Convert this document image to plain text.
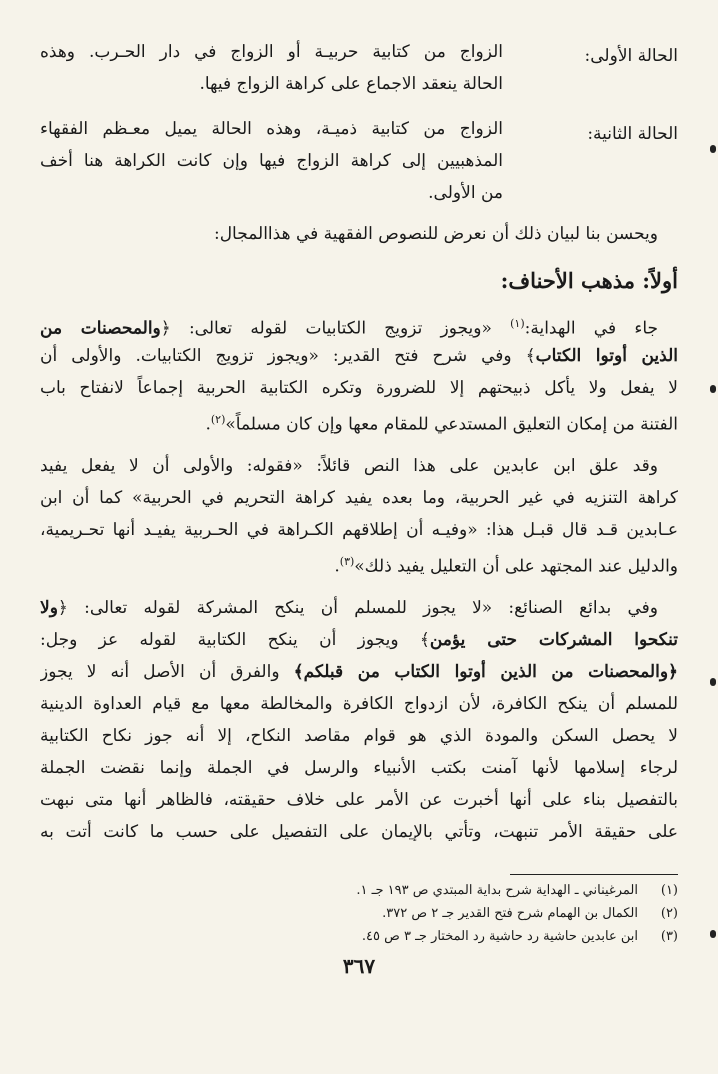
الحالة الأولى:
الزواج من كتابية حربيـة أو الزواج في دار الحـرب. وهذه
الحالة ينعقد الاجماع على كراهة الزواج فيها.
الحالة الثانية:
الزواج من كتابية ذميـة، وهذه الحالة يميل معـظم الفقهاء
المذهبيين إلى كراهة الزواج فيها وإن كانت الكراهة هنا أخف
من الأولى.
ويحسن بنا لبيان ذلك أن نعرض للنصوص الفقهية في هذاالمجال:
أولاً: مذهب الأحناف:
جاء في الهداية:$^{(١)}$ «ويجوز تزويج الكتابيات لقوله تعالى: ﴿والمحصنات من
الذين أوتوا الكتاب﴾ وفي شرح فتح القدير: «ويجوز تزويج الكتابيات. والأولى أن
لا يفعل ولا يأكل ذبيحتهم إلا للضرورة وتكره الكتابية الحربية إجماعاً لانفتاح باب
الفتنة من إمكان التعليق المستدعي للمقام معها وإن كان مسلماً»$^{(٢)}$.
وقد علق ابن عابدين على هذا النص قائلاً: «فقوله: والأولى أن لا يفعل يفيد
كراهة التنزيه في غير الحربية، وما بعده يفيد كراهة التحريم في الحربية» كما أن ابن
عـابدين قـد قال قبـل هذا: «وفيـه أن إطلاقهم الكـراهة في الحـربية يفيـد أنها تحـريمية،
والدليل عند المجتهد على أن التعليل يفيد ذلك»$^{(٣)}$.
وفي بدائع الصنائع: «لا يجوز للمسلم أن ينكح المشركة لقوله تعالى: ﴿ولا
تنكحوا المشركات حتى يؤمن﴾ ويجوز أن ينكح الكتابية لقوله عز وجل:
﴿والمحصنات من الذين أوتوا الكتاب من قبلكم﴾ والفرق أن الأصل أنه لا يجوز
للمسلم أن ينكح الكافرة، لأن ازدواج الكافرة والمخالطة معها مع قيام العداوة الدينية
لا يحصل السكن والمودة الذي هو قوام مقاصد النكاح، إلا أنه جوز نكاح الكتابية
لرجاء إسلامها لأنها آمنت بكتب الأنبياء والرسل في الجملة وإنما نقضت الجملة
بالتفصيل بناء على أنها أخبرت عن الأمر على خلاف حقيقته، فالظاهر أنها متى نبهت
على حقيقة الأمر تنبهت، وتأتي بالإيمان على التفصيل على حسب ما كانت أتت به
(١)المرغيناني ـ الهداية شرح بداية المبتدي ص ١٩٣ جـ ١.
(٢)الكمال بن الهمام شرح فتح القدير جـ ٢ ص ٣٧٢.
(٣)ابن عابدين حاشية رد حاشية رد المختار جـ ٣ ص ٤٥.
٣٦٧
